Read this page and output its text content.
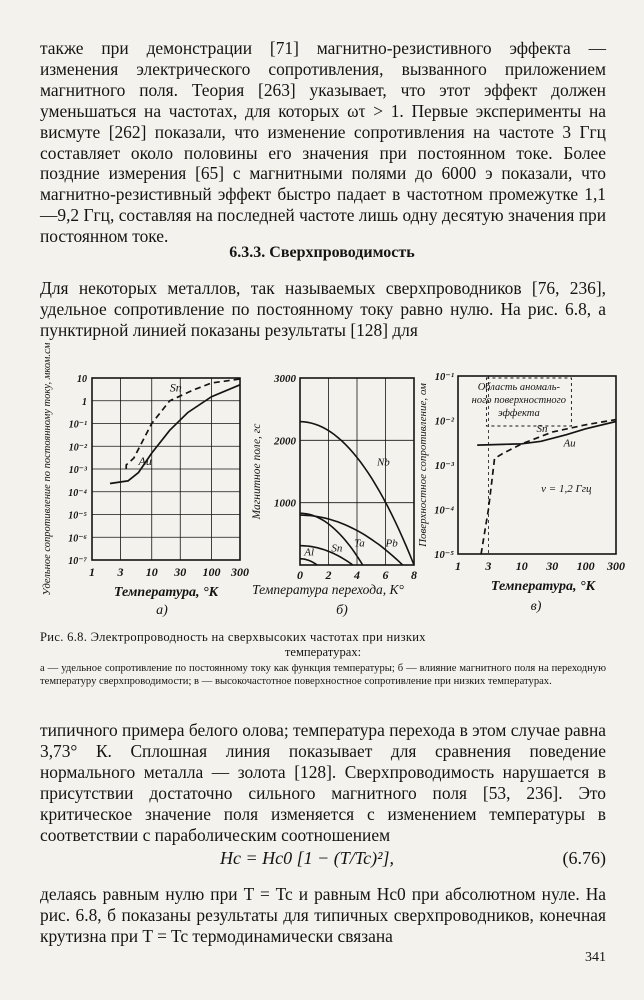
также при демонстрации [71] магнитно-резистивного эффекта — изменения электрического сопротивления, вызванного приложением магнитного поля. Теория [263] указывает, что этот эффект должен уменьшаться на частотах, для которых ωτ > 1. Первые эксперименты на висмуте [262] показали, что изменение сопротивления на частоте 3 Ггц составляет около половины его значения при постоянном токе. Более поздние измерения [65] с магнитными полями до 6000 э показали, что магнитно-резистивный эффект быстро падает в частотном промежутке 1,1—9,2 Ггц, составляя на последней частоте лишь одну десятую значения при постоянном токе.

6.3.3. Сверхпроводимость

Для некоторых металлов, так называемых сверхпроводников [76, 236], удельное сопротивление по постоянному току равно нулю. На рис. 6.8, а пунктирной линией показаны результаты [128] для

1 3 10 30 100 300
10
1
10⁻¹
10⁻²
10⁻³
10⁻⁴
10⁻⁵
10⁻⁶
10⁻⁷
Sn
Au
Температура, °К
Удельное сопротивление по постоянному току, мком.см
а)
0 2 4 6 8
1000
2000
3000
Nb
Pb
Ta
Sn
Al
Магнитное поле, гс
Температура перехода, К°
б)
1 3 10 30 100 300
10⁻¹
10⁻²
10⁻³
10⁻⁴
10⁻⁵
Область аномаль-
ного поверхностного
эффекта
ν = 1,2 Ггц
Sn
Au
Поверхностное сопротивление, ом
Температура, °К
в)
Рис. 6.8. Электропроводность на сверхвысоких частотах при низких
температурах:
а — удельное сопротивление по постоянному току как функция температуры; б — влияние магнитного поля на переходную температуру сверхпроводимости; в — высокочастотное поверхностное сопротивление при низких температурах.

типичного примера белого олова; температура перехода в этом случае равна 3,73° К. Сплошная линия показывает для сравнения поведение нормального металла — золота [128]. Сверхпроводимость нарушается в присутствии достаточно сильного магнитного поля [53, 236]. Это критическое значение поля изменяется с изменением температуры в соответствии с параболическим соотношением

Hc = Hc0 [1 − (T/Tc)²],	(6.76)

делаясь равным нулю при T = Tc и равным Hc0 при абсолютном нуле. На рис. 6.8, б показаны результаты для типичных сверхпроводников, конечная крутизна при T = Tc термодинамически связана

341
